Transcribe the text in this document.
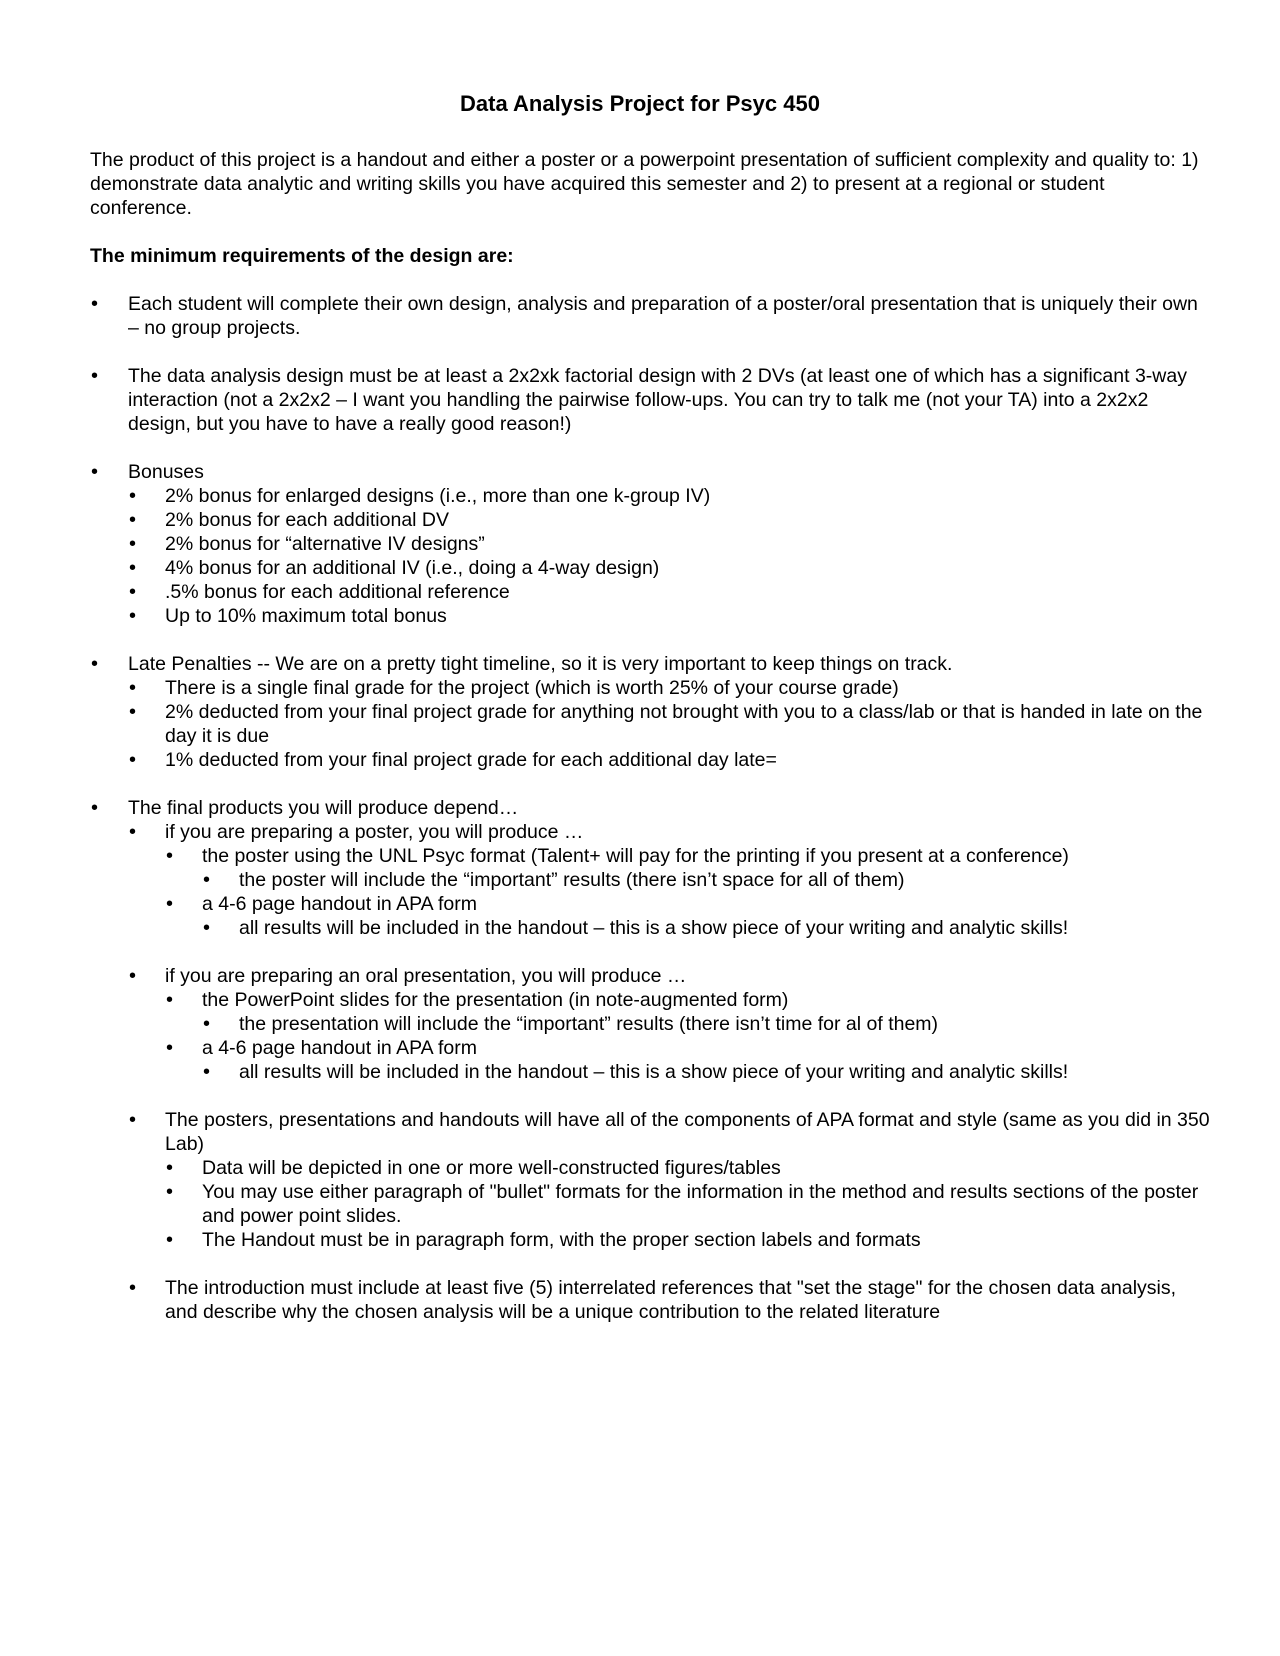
Data Analysis Project for Psyc 450

The product of this project is a handout and either a poster or a powerpoint presentation of sufficient complexity and quality to: 1) demonstrate data analytic and writing skills you have acquired this semester and 2) to present at a regional or student conference.

The minimum requirements of the design are:

• Each student will complete their own design, analysis and preparation of a poster/oral presentation that is uniquely their own – no group projects.
• The data analysis design must be at least a 2x2xk factorial design with 2 DVs (at least one of which has a significant 3-way interaction (not a 2x2x2 – I want you handling the pairwise follow-ups. You can try to talk me (not your TA) into a 2x2x2 design, but you have to have a really good reason!)
• Bonuses
• 2% bonus for enlarged designs (i.e., more than one k-group IV)
• 2% bonus for each additional DV
• 2% bonus for “alternative IV designs”
• 4% bonus for an additional IV (i.e., doing a 4-way design)
• .5% bonus for each additional reference
• Up to 10% maximum total bonus
• Late Penalties -- We are on a pretty tight timeline, so it is very important to keep things on track.
• There is a single final grade for the project (which is worth 25% of your course grade)
• 2% deducted from your final project grade for anything not brought with you to a class/lab or that is handed in late on the day it is due
• 1% deducted from your final project grade for each additional day late=
• The final products you will produce depend…
• if you are preparing a poster, you will produce …
• the poster using the UNL Psyc format (Talent+ will pay for the printing if you present at a conference)
• the poster will include the “important” results (there isn’t space for all of them)
• a 4-6 page handout in APA form
• all results will be included in the handout – this is a show piece of your writing and analytic skills!
• if you are preparing an oral presentation, you will produce …
• the PowerPoint slides for the presentation (in note-augmented form)
• the presentation will include the “important” results (there isn’t time for al of them)
• a 4-6 page handout in APA form
• all results will be included in the handout – this is a show piece of your writing and analytic skills!
• The posters, presentations and handouts will have all of the components of APA format and style (same as you did in 350 Lab)
• Data will be depicted in one or more well-constructed figures/tables
• You may use either paragraph of "bullet" formats for the information in the method and results sections of the poster and power point slides.
• The Handout must be in paragraph form, with the proper section labels and formats
• The introduction must include at least five (5) interrelated references that "set the stage" for the chosen data analysis, and describe why the chosen analysis will be a unique contribution to the related literature
